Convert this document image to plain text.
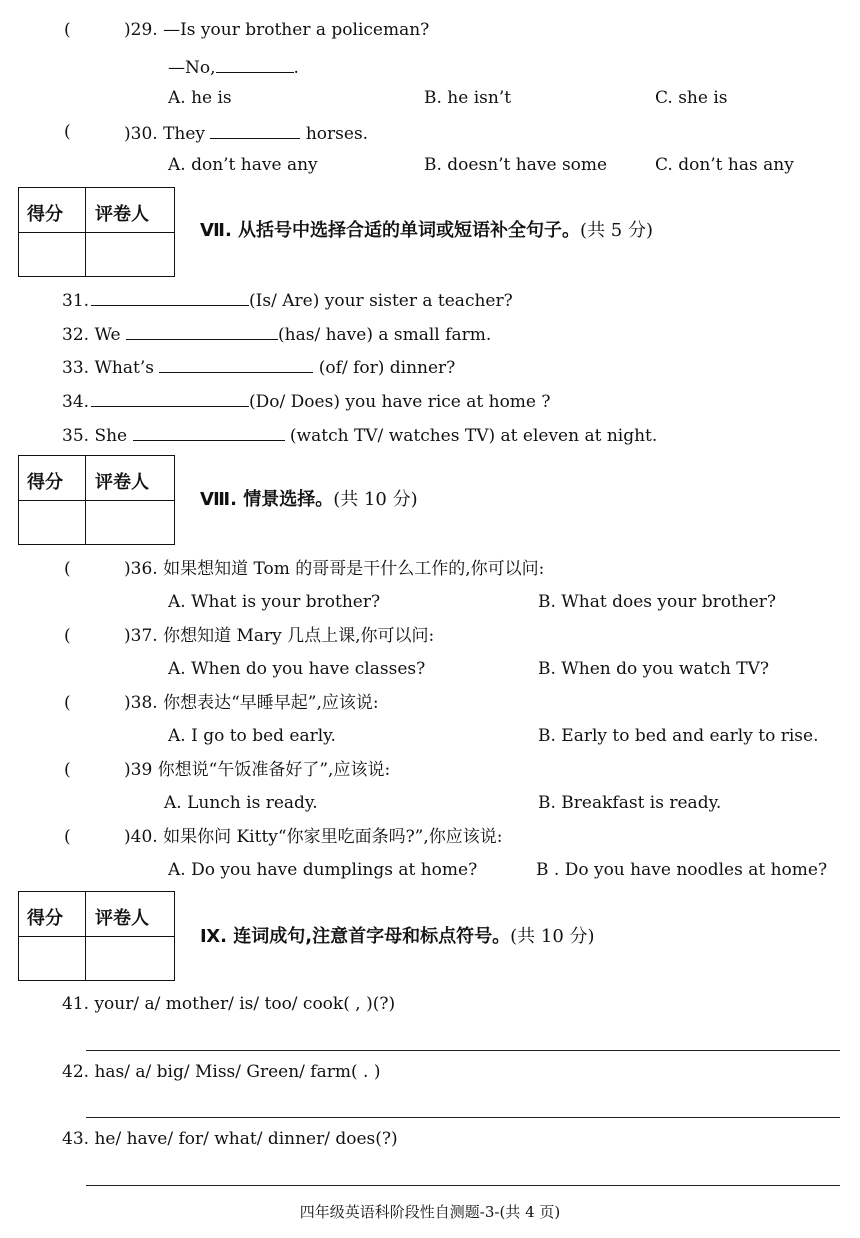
(	)29. —Is your brother a policeman?
—No,	.
A. he is	B. he isn’t	C. she is
(	)30. They	horses.
A. don’t have any	B. doesn’t have some	C. don’t has any
得分 评卷人
Ⅶ. 从括号中选择合适的单词或短语补全句子。(共 5 分)
31.	(Is/ Are) your sister a teacher?
32. We	(has/ have) a small farm.
33. What’s	(of/ for) dinner?
34.	(Do/ Does) you have rice at home ?
35. She	(watch TV/ watches TV) at eleven at night.
得分 评卷人
Ⅷ. 情景选择。(共 10 分)
(	)36. 如果想知道 Tom 的哥哥是干什么工作的,你可以问:
A. What is your brother?	B. What does your brother?
(	)37. 你想知道 Mary 几点上课,你可以问:
A. When do you have classes?	B. When do you watch TV?
(	)38. 你想表达“早睡早起”,应该说:
A. I go to bed early.	B. Early to bed and early to rise.
(	)39 你想说“午饭准备好了”,应该说:
A. Lunch is ready.	B. Breakfast is ready.
(	)40. 如果你问 Kitty“你家里吃面条吗?”,你应该说:
A. Do you have dumplings at home?	B . Do you have noodles at home?
得分 评卷人
Ⅸ. 连词成句,注意首字母和标点符号。(共 10 分)
41. your/ a/ mother/ is/ too/ cook( , )(?)
42. has/ a/ big/ Miss/ Green/ farm( . )
43. he/ have/ for/ what/ dinner/ does(?)
四年级英语科阶段性自测题-3-(共 4 页)
